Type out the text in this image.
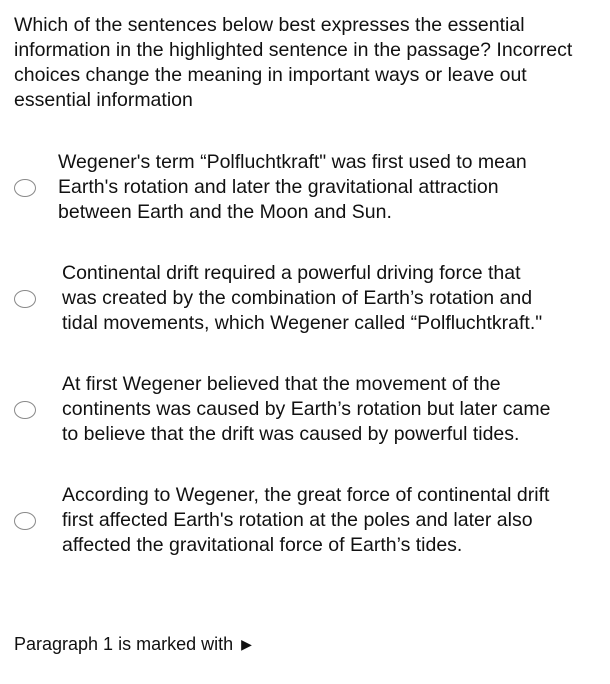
Which of the sentences below best expresses the essential information in the highlighted sentence in the passage? Incorrect choices change the meaning in important ways or leave out essential information

Wegener's term “Polfluchtkraft" was first used to mean
Earth's rotation and later the gravitational attraction
between Earth and the Moon and Sun.
Continental drift required a powerful driving force that
was created by the combination of Earth’s rotation and
tidal movements, which Wegener called “Polfluchtkraft."
At first Wegener believed that the movement of the
continents was caused by Earth’s rotation but later came
to believe that the drift was caused by powerful tides.
According to Wegener, the great force of continental drift
first affected Earth's rotation at the poles and later also
affected the gravitational force of Earth’s tides.
Paragraph 1 is marked with ▶
